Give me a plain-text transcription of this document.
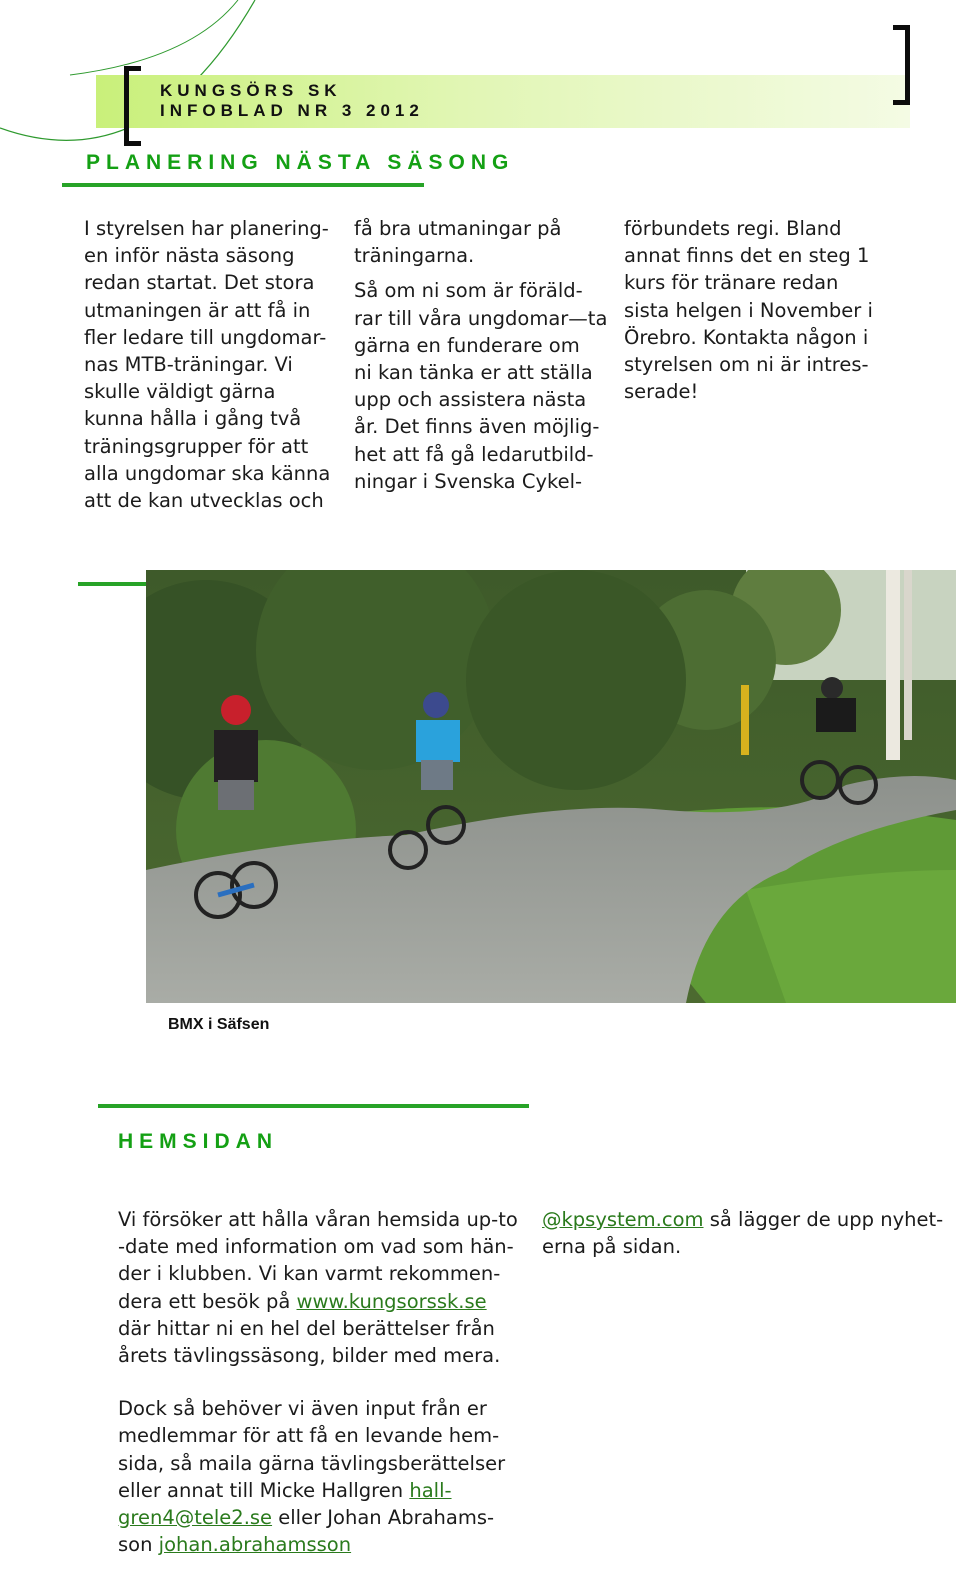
KUNGSÖRS SK
INFOBLAD NR 3 2012
PLANERING NÄSTA SÄSONG
I styrelsen har planering-
en inför nästa säsong
redan startat. Det stora
utmaningen är att få in
fler ledare till ungdomar-
nas MTB-träningar. Vi
skulle väldigt gärna
kunna hålla i gång två
träningsgrupper för att
alla ungdomar ska känna
att de kan utvecklas och

få bra utmaningar på
träningarna.

Så om ni som är föräld-
rar till våra ungdomar—ta
gärna en funderare om
ni kan tänka er att ställa
upp och assistera nästa
år. Det finns även möjlig-
het att få gå ledarutbild-
ningar i Svenska Cykel-

förbundets regi. Bland
annat finns det en steg 1
kurs för tränare redan
sista helgen i November i
Örebro. Kontakta någon i
styrelsen om ni är intres-
serade!
BMX i Säfsen
HEMSIDAN

Vi försöker att hålla våran hemsida up-to
-date med information om vad som hän-
der i klubben. Vi kan varmt rekommen-
dera ett besök på www.kungsorssk.se
där hittar ni en hel del berättelser från
årets tävlingssäsong, bilder med mera.

Dock så behöver vi även input från er
medlemmar för att få en levande hem-
sida, så maila gärna tävlingsberättelser
eller annat till Micke Hallgren hall-
gren4@tele2.se eller Johan Abrahams-
son johan.abrahamsson

@kpsystem.com så lägger de upp nyhet-
erna på sidan.
